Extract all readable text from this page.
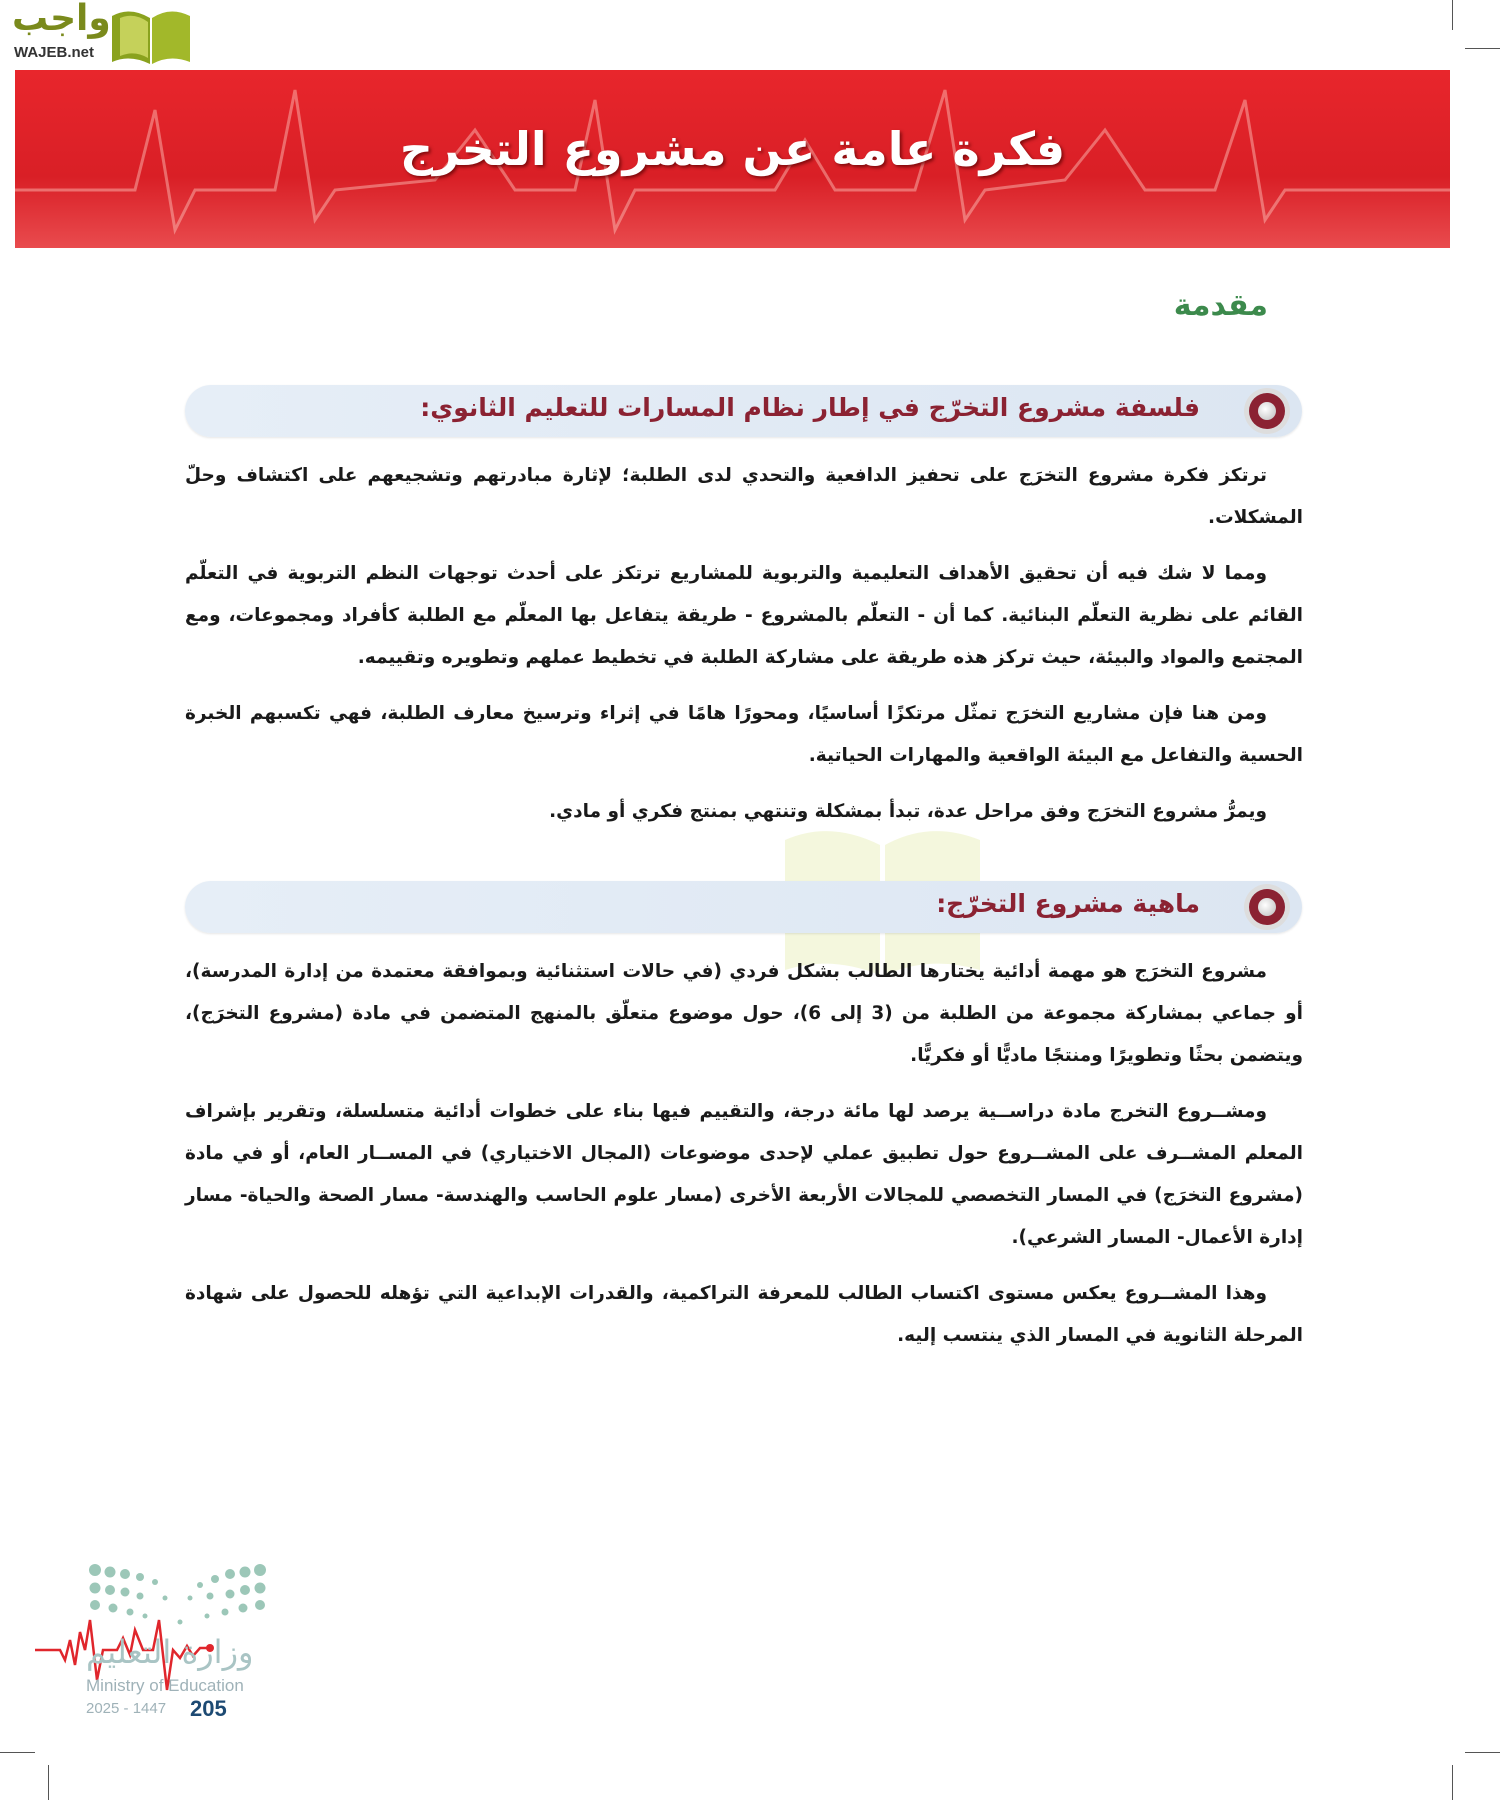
واجب
WAJEB.net
فكرة عامة عن مشروع التخرج
مقدمة
فلسفة مشروع التخرّج في إطار نظام المسارات للتعليم الثانوي:

ترتكز فكرة مشروع التخرَج على تحفيز الدافعية والتحدي لدى الطلبة؛ لإثارة مبادرتهم وتشجيعهم على اكتشاف وحلّ المشكلات.

ومما لا شك فيه أن تحقيق الأهداف التعليمية والتربوية للمشاريع ترتكز على أحدث توجهات النظم التربوية في التعلّم القائم على نظرية التعلّم البنائية. كما أن - التعلّم بالمشروع - طريقة يتفاعل بها المعلّم مع الطلبة كأفراد ومجموعات، ومع المجتمع والمواد والبيئة، حيث تركز هذه طريقة على مشاركة الطلبة في تخطيط عملهم وتطويره وتقييمه.

ومن هنا فإن مشاريع التخرَج تمثّل مرتكزًا أساسيًا، ومحورًا هامًا في إثراء وترسيخ معارف الطلبة، فهي تكسبهم الخبرة الحسية والتفاعل مع البيئة الواقعية والمهارات الحياتية.

ويمرُّ مشروع التخرَج وفق مراحل عدة، تبدأ بمشكلة وتنتهي بمنتج فكري أو مادي.

ماهية مشروع التخرّج:

مشروع التخرَج هو مهمة أدائية يختارها الطالب بشكل فردي (في حالات استثنائية وبموافقة معتمدة من إدارة المدرسة)، أو جماعي بمشاركة مجموعة من الطلبة من (3 إلى 6)، حول موضوع متعلّق بالمنهج المتضمن في مادة (مشروع التخرَج)، ويتضمن بحثًا وتطويرًا ومنتجًا ماديًّا أو فكريًّا.

ومشــروع التخرج مادة دراســية يرصد لها مائة درجة، والتقييم فيها بناء على خطوات أدائية متسلسلة، وتقرير بإشراف المعلم المشــرف على المشــروع حول تطبيق عملي لإحدى موضوعات (المجال الاختياري) في المســار العام، أو في مادة (مشروع التخرَج) في المسار التخصصي للمجالات الأربعة الأخرى (مسار علوم الحاسب والهندسة- مسار الصحة والحياة- مسار إدارة الأعمال- المسار الشرعي).

وهذا المشــروع يعكس مستوى اكتساب الطالب للمعرفة التراكمية، والقدرات الإبداعية التي تؤهله للحصول على شهادة المرحلة الثانوية في المسار الذي ينتسب إليه.

وزارة التعليم
Ministry of Education
2025 - 1447 205
